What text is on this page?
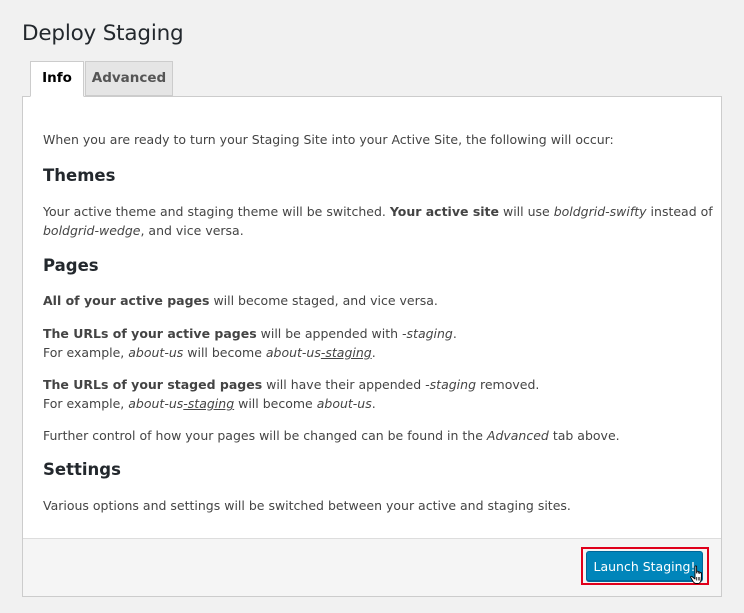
Deploy Staging

When you are ready to turn your Staging Site into your Active Site, the following will occur:

Themes

Your active theme and staging theme will be switched. Your active site will use boldgrid-swifty instead of

boldgrid-wedge, and vice versa.

Pages

All of your active pages will become staged, and vice versa.

The URLs of your active pages will be appended with -staging.

For example, about-us will become about-us-staging.

The URLs of your staged pages will have their appended -staging removed.

For example, about-us-staging will become about-us.

Further control of how your pages will be changed can be found in the Advanced tab above.

Settings

Various options and settings will be switched between your active and staging sites.

Launch Staging!
Info	Advanced
